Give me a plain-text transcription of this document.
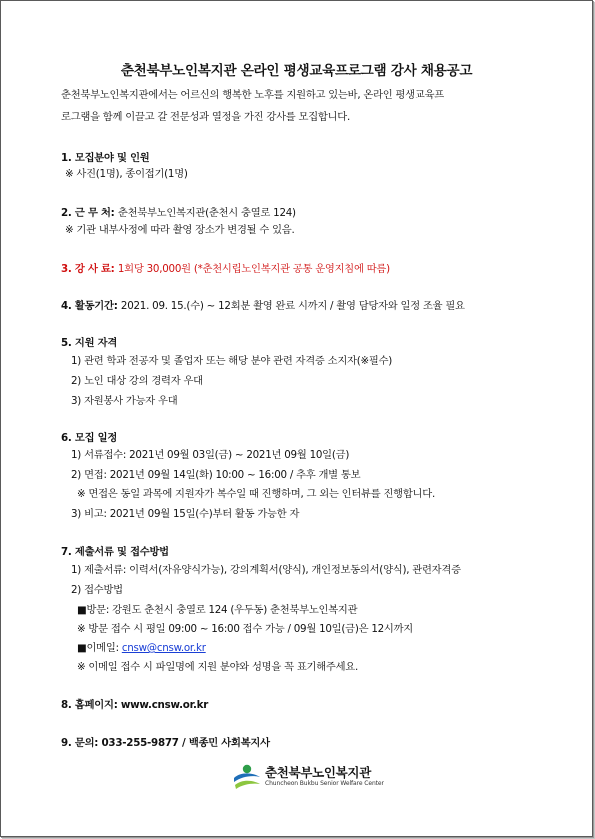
춘천북부노인복지관 온라인 평생교육프로그램 강사 채용공고
춘천북부노인복지관에서는 어르신의 행복한 노후를 지원하고 있는바, 온라인 평생교육프
로그램을 함께 이끌고 갈 전문성과 열정을 가진 강사를 모집합니다.
1. 모집분야 및 인원
※ 사진(1명), 종이접기(1명)
2. 근 무 처: 춘천북부노인복지관(춘천시 충열로 124)
※ 기관 내부사정에 따라 촬영 장소가 변경될 수 있음.
3. 강 사 료: 1회당 30,000원 (*춘천시립노인복지관 공통 운영지침에 따름)
4. 활동기간: 2021. 09. 15.(수) ~ 12회분 촬영 완료 시까지 / 촬영 담당자와 일정 조율 필요
5. 지원 자격
1) 관련 학과 전공자 및 졸업자 또는 해당 분야 관련 자격증 소지자(※필수)
2) 노인 대상 강의 경력자 우대
3) 자원봉사 가능자 우대
6. 모집 일정
1) 서류접수: 2021년 09월 03일(금) ~ 2021년 09월 10일(금)
2) 면접: 2021년 09월 14일(화) 10:00 ~ 16:00 / 추후 개별 통보
※ 면접은 동일 과목에 지원자가 복수일 때 진행하며, 그 외는 인터뷰를 진행합니다.
3) 비고: 2021년 09월 15일(수)부터 활동 가능한 자
7. 제출서류 및 접수방법
1) 제출서류: 이력서(자유양식가능), 강의계획서(양식), 개인정보동의서(양식), 관련자격증
2) 접수방법
■방문: 강원도 춘천시 충열로 124 (우두동) 춘천북부노인복지관
※ 방문 접수 시 평일 09:00 ~ 16:00 접수 가능 / 09월 10일(금)은 12시까지
■이메일: cnsw@cnsw.or.kr
※ 이메일 접수 시 파일명에 지원 분야와 성명을 꼭 표기해주세요.
8. 홈페이지: www.cnsw.or.kr
9. 문의: 033-255-9877 / 백종민 사회복지사
춘천북부노인복지관
Chuncheon Bukbu Senior Welfare Center
